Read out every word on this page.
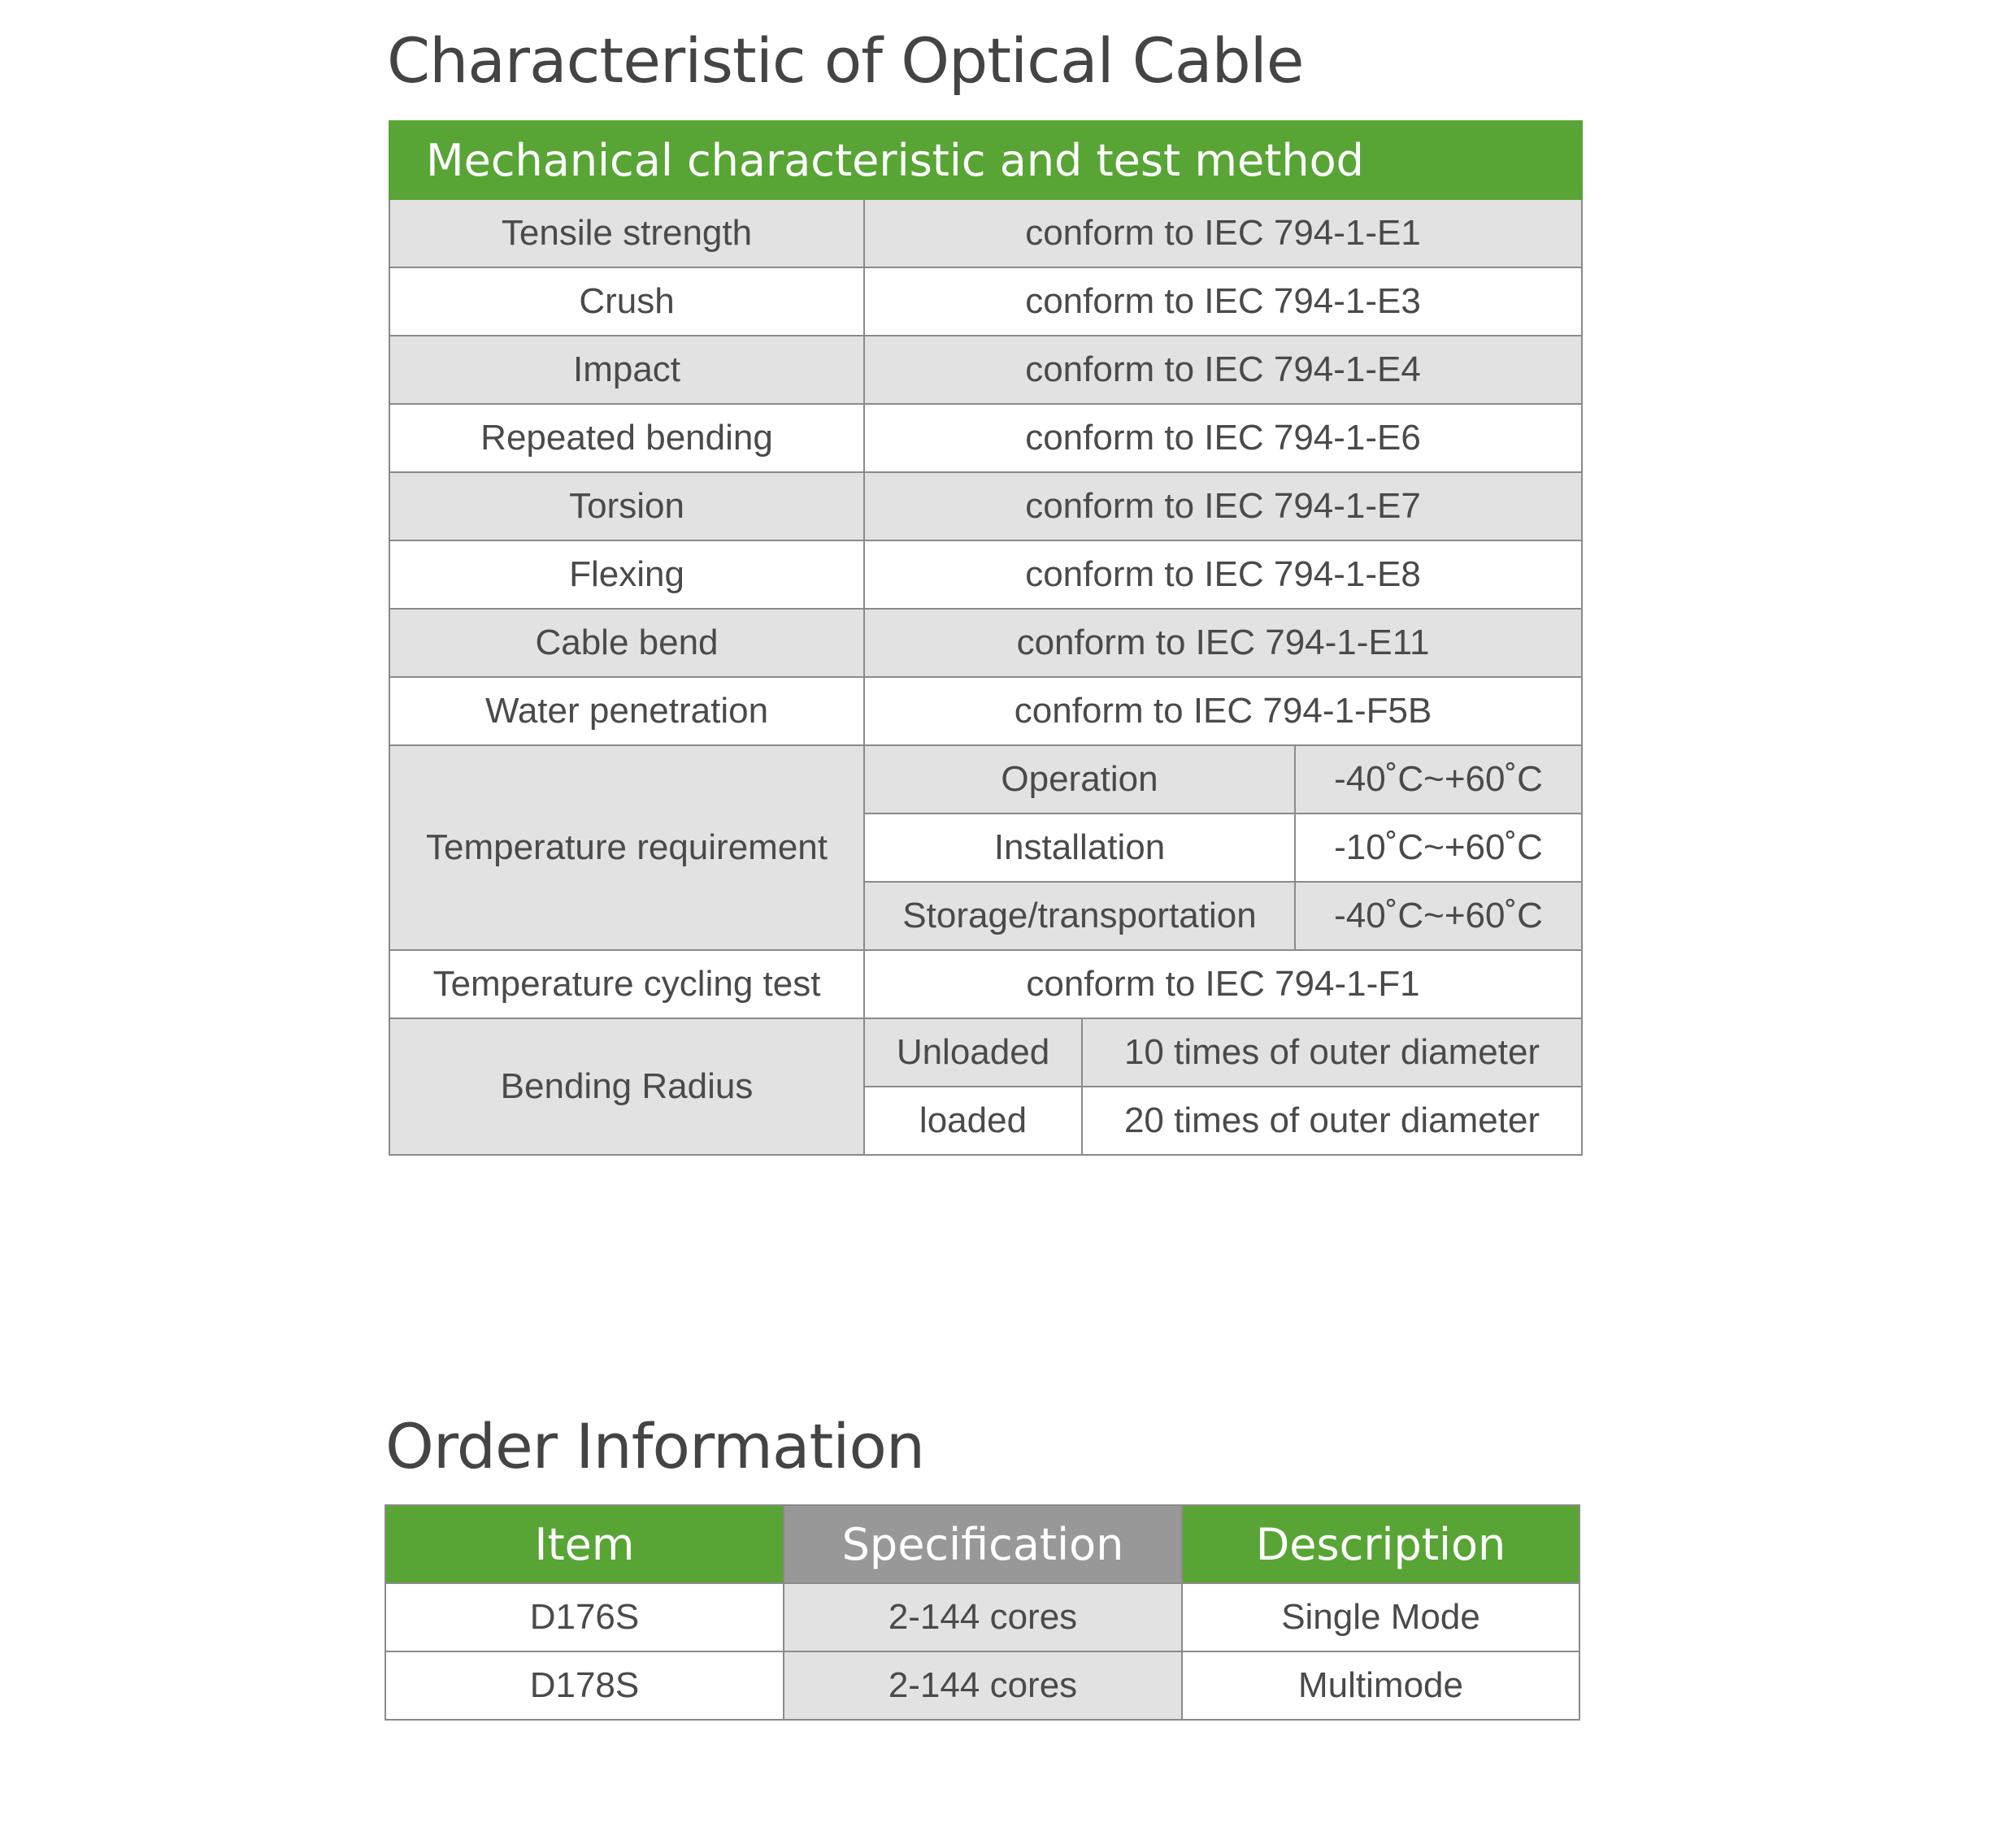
Characteristic of Optical Cable
Mechanical characteristic and test method			
Tensile strength	conform to IEC 794-1-E1		
Crush	conform to IEC 794-1-E3		
Impact	conform to IEC 794-1-E4		
Repeated bending	conform to IEC 794-1-E6		
Torsion	conform to IEC 794-1-E7		
Flexing	conform to IEC 794-1-E8		
Cable bend	conform to IEC 794-1-E11		
Water penetration	conform to IEC 794-1-F5B		
Temperature requirement	Operation		-40˚C~+60˚C
	Installation		-10˚C~+60˚C
	Storage/transportation		-40˚C~+60˚C
Temperature cycling test	conform to IEC 794-1-F1		
Bending Radius	Unloaded	10 times of outer diameter	
	loaded	20 times of outer diameter	
Order Information
Item	Specification	Description
D176S	2-144 cores	Single Mode
D178S	2-144 cores	Multimode
